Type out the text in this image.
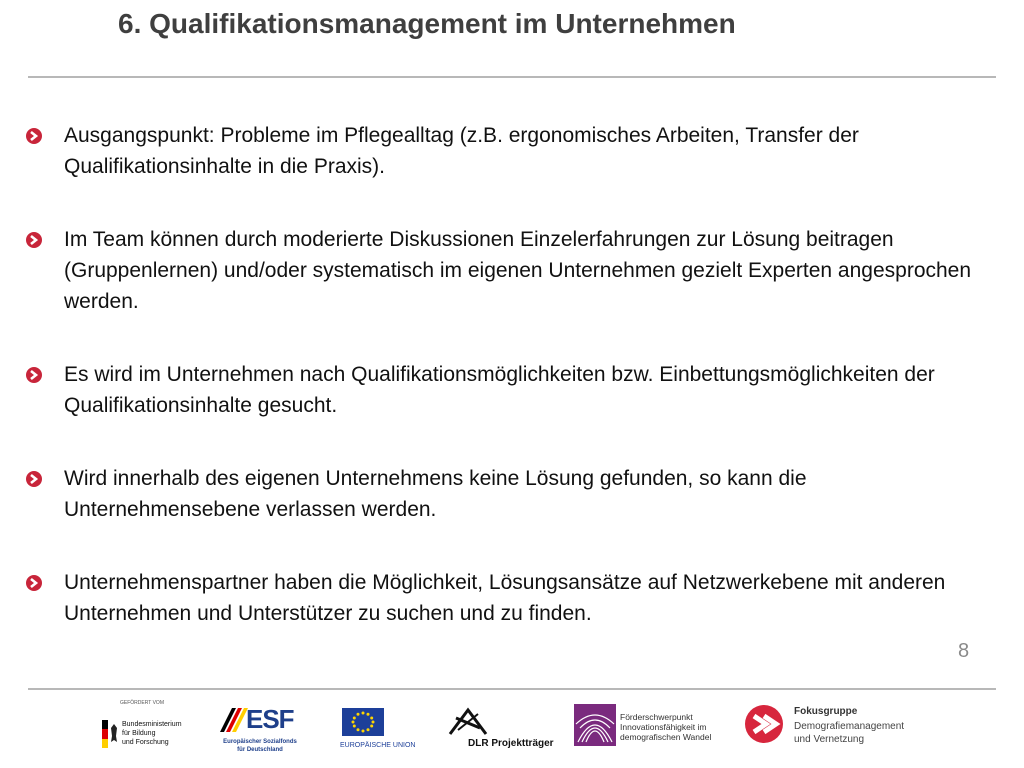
6. Qualifikationsmanagement im Unternehmen
Ausgangspunkt: Probleme im Pflegealltag (z.B. ergonomisches Arbeiten, Transfer der Qualifikationsinhalte in die Praxis).
Im Team können durch moderierte Diskussionen Einzelerfahrungen zur Lösung beitragen (Gruppenlernen) und/oder systematisch im eigenen Unternehmen gezielt Experten angesprochen werden.
Es wird im Unternehmen nach Qualifikationsmöglichkeiten bzw. Einbettungsmöglichkeiten der Qualifikationsinhalte gesucht.
Wird innerhalb des eigenen Unternehmens keine Lösung gefunden, so kann die Unternehmensebene verlassen werden.
Unternehmenspartner haben die Möglichkeit, Lösungsansätze auf Netzwerkebene mit anderen Unternehmen und Unterstützer zu suchen und zu finden.
8
GEFÖRDERT VOM
Bundesministerium
für Bildung
und Forschung
ESF
Europäischer Sozialfonds
für Deutschland
EUROPÄISCHE UNION	DLR Projektträger
Förderschwerpunkt
Innovationsfähigkeit im
demografischen Wandel
Fokusgruppe
Demografiemanagement
und Vernetzung
